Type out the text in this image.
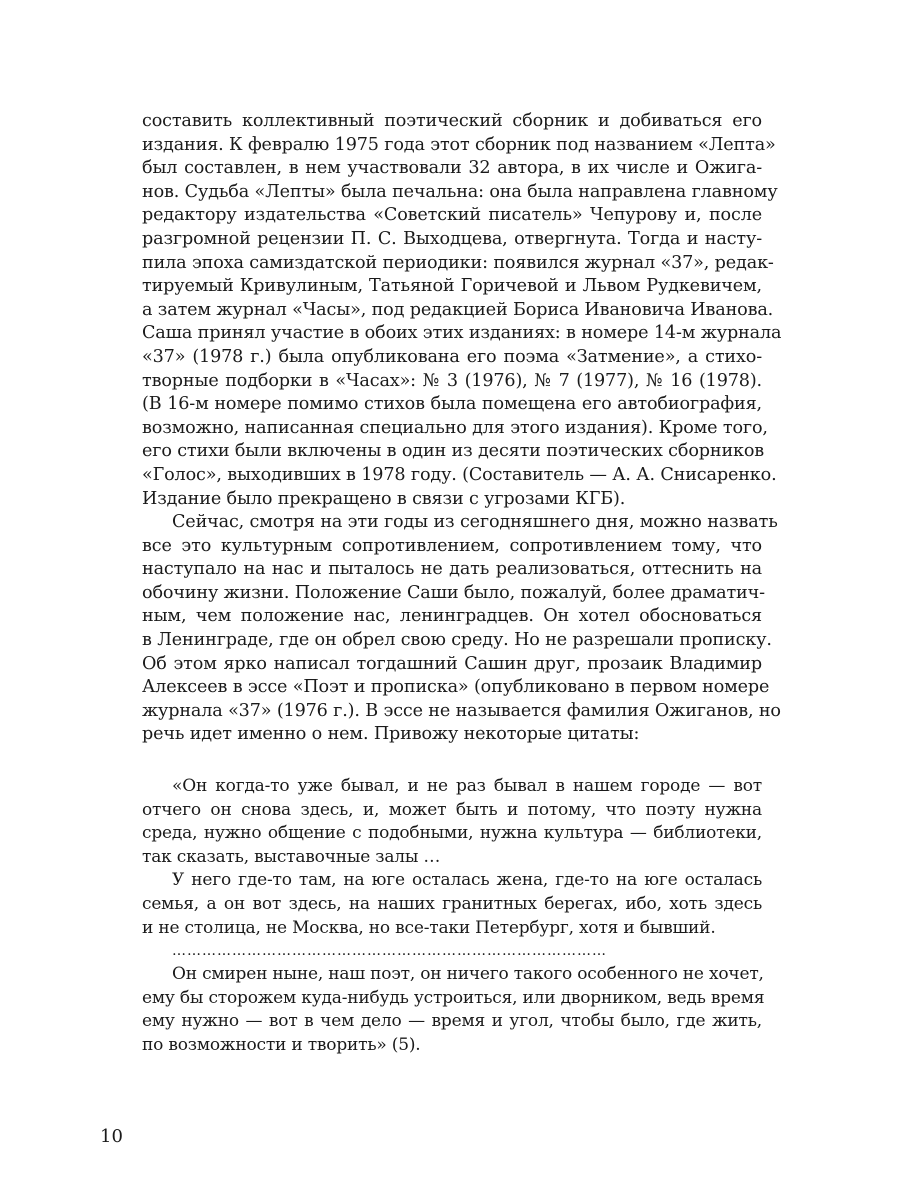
составить коллективный поэтический сборник и добиваться его
издания. К февралю 1975 года этот сборник под названием «Лепта»
был составлен, в нем участвовали 32 автора, в их числе и Ожига-
нов. Судьба «Лепты» была печальна: она была направлена главному
редактору издательства «Советский писатель» Чепурову и, после
разгромной рецензии П. С. Выходцева, отвергнута. Тогда и насту-
пила эпоха самиздатской периодики: появился журнал «37», редак-
тируемый Кривулиным, Татьяной Горичевой и Львом Рудкевичем,
а затем журнал «Часы», под редакцией Бориса Ивановича Иванова.
Саша принял участие в обоих этих изданиях: в номере 14-м журнала
«37» (1978 г.) была опубликована его поэма «Затмение», а стихо-
творные подборки в «Часах»: № 3 (1976), № 7 (1977), № 16 (1978).
(В 16-м номере помимо стихов была помещена его автобиография,
возможно, написанная специально для этого издания). Кроме того,
его стихи были включены в один из десяти поэтических сборников
«Голос», выходивших в 1978 году. (Составитель — А. А. Снисаренко.
Издание было прекращено в связи с угрозами КГБ).
Сейчас, смотря на эти годы из сегодняшнего дня, можно назвать
все это культурным сопротивлением, сопротивлением тому, что
наступало на нас и пыталось не дать реализоваться, оттеснить на
обочину жизни. Положение Саши было, пожалуй, более драматич-
ным, чем положение нас, ленинградцев. Он хотел обосноваться
в Ленинграде, где он обрел свою среду. Но не разрешали прописку.
Об этом ярко написал тогдашний Сашин друг, прозаик Владимир
Алексеев в эссе «Поэт и прописка» (опубликовано в первом номере
журнала «37» (1976 г.). В эссе не называется фамилия Ожиганов, но
речь идет именно о нем. Привожу некоторые цитаты:
«Он когда-то уже бывал, и не раз бывал в нашем городе — вот
отчего он снова здесь, и, может быть и потому, что поэту нужна
среда, нужно общение с подобными, нужна культура — библиотеки,
так сказать, выставочные залы …
У него где-то там, на юге осталась жена, где-то на юге осталась
семья, а он вот здесь, на наших гранитных берегах, ибо, хоть здесь
и не столица, не Москва, но все-таки Петербург, хотя и бывший.
……………………………………………………………………………
Он смирен ныне, наш поэт, он ничего такого особенного не хочет,
ему бы сторожем куда-нибудь устроиться, или дворником, ведь время
ему нужно — вот в чем дело — время и угол, чтобы было, где жить,
по возможности и творить» (5).
10
